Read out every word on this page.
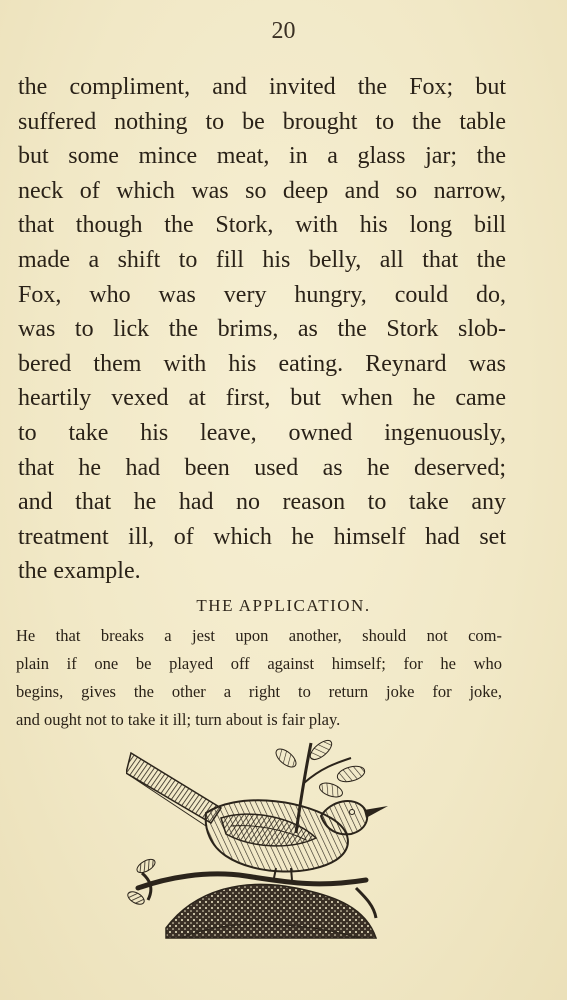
20
the compliment, and invited the Fox; but
suffered nothing to be brought to the table
but some mince meat, in a glass jar; the
neck of which was so deep and so narrow,
that though the Stork, with his long bill
made a shift to fill his belly, all that the
Fox, who was very hungry, could do,
was to lick the brims, as the Stork slob-
bered them with his eating. Reynard was
heartily vexed at first, but when he came
to take his leave, owned ingenuously,
that he had been used as he deserved;
and that he had no reason to take any
treatment ill, of which he himself had set
the example.
THE APPLICATION.
He that breaks a jest upon another, should not com-
plain if one be played off against himself; for he who
begins, gives the other a right to return joke for joke,
and ought not to take it ill; turn about is fair play.
